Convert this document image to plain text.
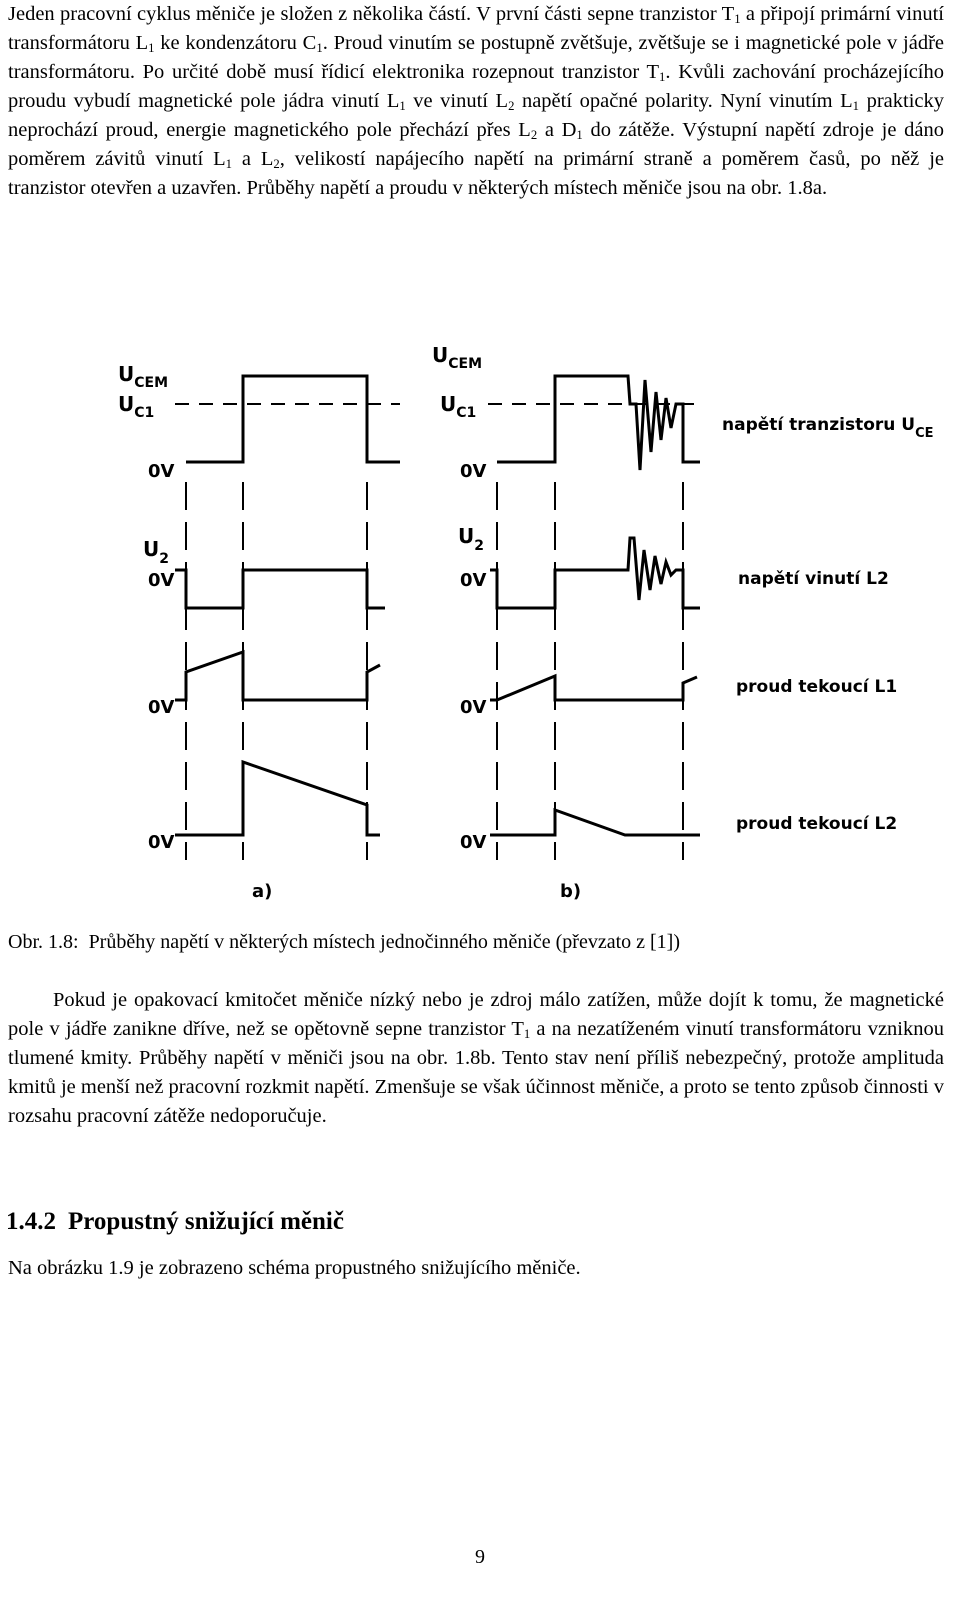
Jeden pracovní cyklus měniče je složen z několika částí. V první části sepne tranzistor $T_1$ a připojí primární vinutí transformátoru $L_1$ ke kondenzátoru $C_1$. Proud vinutím se postupně zvětšuje, zvětšuje se i magnetické pole v jádře transformátoru. Po určité době musí řídicí elektronika rozepnout tranzistor $T_1$. Kvůli zachování procházejícího proudu vybudí magnetické pole jádra vinutí $L_1$ ve vinutí $L_2$ napětí opačné polarity. Nyní vinutím $L_1$ prakticky neprochází proud, energie magnetického pole přechází přes $L_2$ a $D_1$ do zátěže. Výstupní napětí zdroje je dáno poměrem závitů vinutí $L_1$ a $L_2$, velikostí napájecího napětí na primární straně a poměrem časů, po něž je tranzistor otevřen a uzavřen. Průběhy napětí a proudu v některých místech měniče jsou na obr. 1.8a.

$U_{CEM}$
$U_{C1}$
0V
$U_2$
0V
0V
0V
$U_{CEM}$
$U_{C1}$
0V
$U_2$
0V
0V
0V
napětí tranzistoru $U_{CE}$
napětí vinutí L2
proud tekoucí L1
proud tekoucí L2
a)	b)

Obr. 1.8: Průběhy napětí v některých místech jednočinného měniče (převzato z [1])

Pokud je opakovací kmitočet měniče nízký nebo je zdroj málo zatížen, může dojít k tomu, že magnetické pole v jádře zanikne dříve, než se opětovně sepne tranzistor $T_1$ a na nezatíženém vinutí transformátoru vzniknou tlumené kmity. Průběhy napětí v měniči jsou na obr. 1.8b. Tento stav není příliš nebezpečný, protože amplituda kmitů je menší než pracovní rozkmit napětí. Zmenšuje se však účinnost měniče, a proto se tento způsob činnosti v rozsahu pracovní zátěže nedoporučuje.

1.4.2 Propustný snižující měnič

Na obrázku 1.9 je zobrazeno schéma propustného snižujícího měniče.

9
